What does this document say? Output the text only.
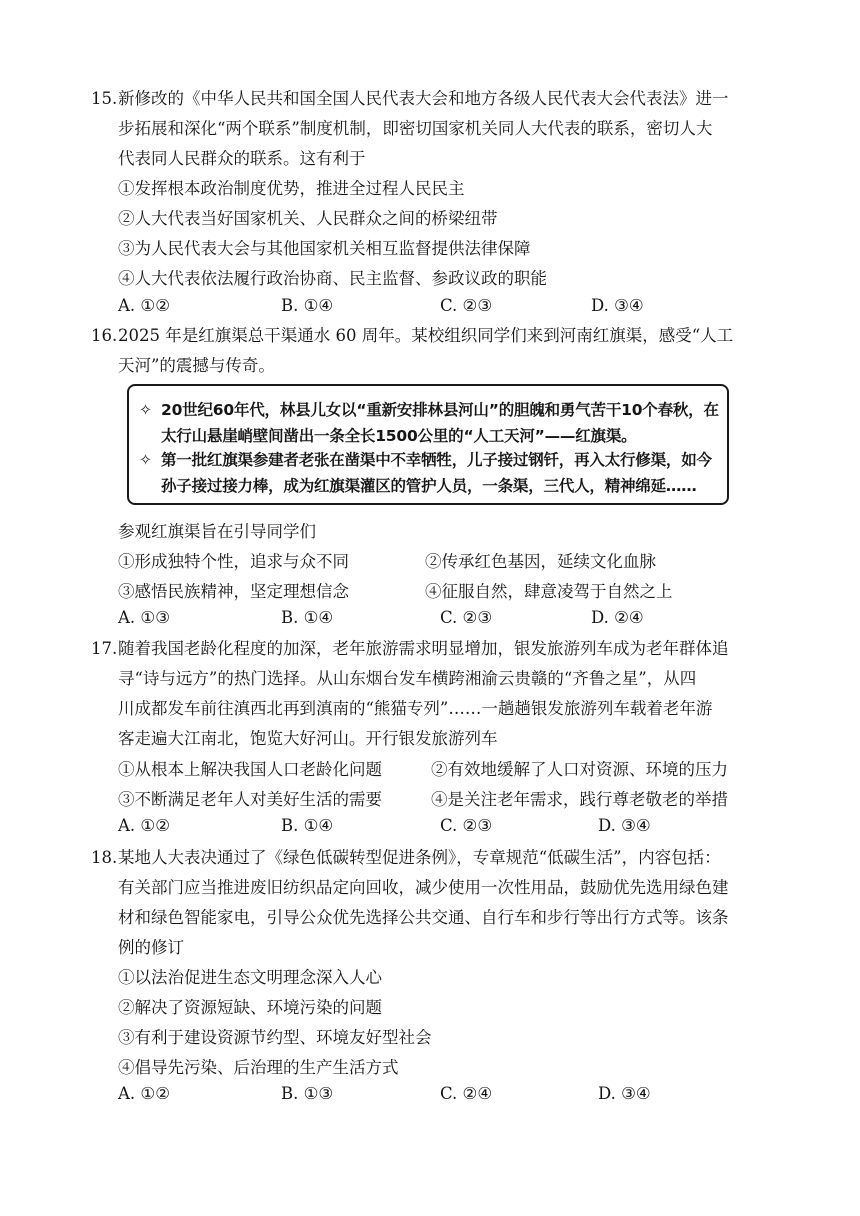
15. 新修改的《中华人民共和国全国人民代表大会和地方各级人民代表大会代表法》进一
步拓展和深化“两个联系”制度机制，即密切国家机关同人大代表的联系，密切人大
代表同人民群众的联系。这有利于
①发挥根本政治制度优势，推进全过程人民民主
②人大代表当好国家机关、人民群众之间的桥梁纽带
③为人民代表大会与其他国家机关相互监督提供法律保障
④人大代表依法履行政治协商、民主监督、参政议政的职能
A. ①②	B. ①④	C. ②③	D. ③④
16. 2025 年是红旗渠总干渠通水 60 周年。某校组织同学们来到河南红旗渠，感受“人工
天河”的震撼与传奇。
✧ 20世纪60年代，林县儿女以“重新安排林县河山”的胆魄和勇气苦干10个春秋，在
太行山悬崖峭壁间凿出一条全长1500公里的“人工天河”——红旗渠。
✧ 第一批红旗渠参建者老张在凿渠中不幸牺牲，儿子接过钢钎，再入太行修渠，如今
孙子接过接力棒，成为红旗渠灌区的管护人员，一条渠，三代人，精神绵延……
参观红旗渠旨在引导同学们
①形成独特个性，追求与众不同	②传承红色基因，延续文化血脉
③感悟民族精神，坚定理想信念	④征服自然，肆意凌驾于自然之上
A. ①③	B. ①④	C. ②③	D. ②④
17. 随着我国老龄化程度的加深，老年旅游需求明显增加，银发旅游列车成为老年群体追
寻“诗与远方”的热门选择。从山东烟台发车横跨湘渝云贵赣的“齐鲁之星”，从四
川成都发车前往滇西北再到滇南的“熊猫专列”……一趟趟银发旅游列车载着老年游
客走遍大江南北，饱览大好河山。开行银发旅游列车
①从根本上解决我国人口老龄化问题	②有效地缓解了人口对资源、环境的压力
③不断满足老年人对美好生活的需要	④是关注老年需求，践行尊老敬老的举措
A. ①②	B. ①④	C. ②③	D. ③④
18. 某地人大表决通过了《绿色低碳转型促进条例》，专章规范“低碳生活”，内容包括：
有关部门应当推进废旧纺织品定向回收，减少使用一次性用品，鼓励优先选用绿色建
材和绿色智能家电，引导公众优先选择公共交通、自行车和步行等出行方式等。该条
例的修订
①以法治促进生态文明理念深入人心
②解决了资源短缺、环境污染的问题
③有利于建设资源节约型、环境友好型社会
④倡导先污染、后治理的生产生活方式
A. ①②	B. ①③	C. ②④	D. ③④
